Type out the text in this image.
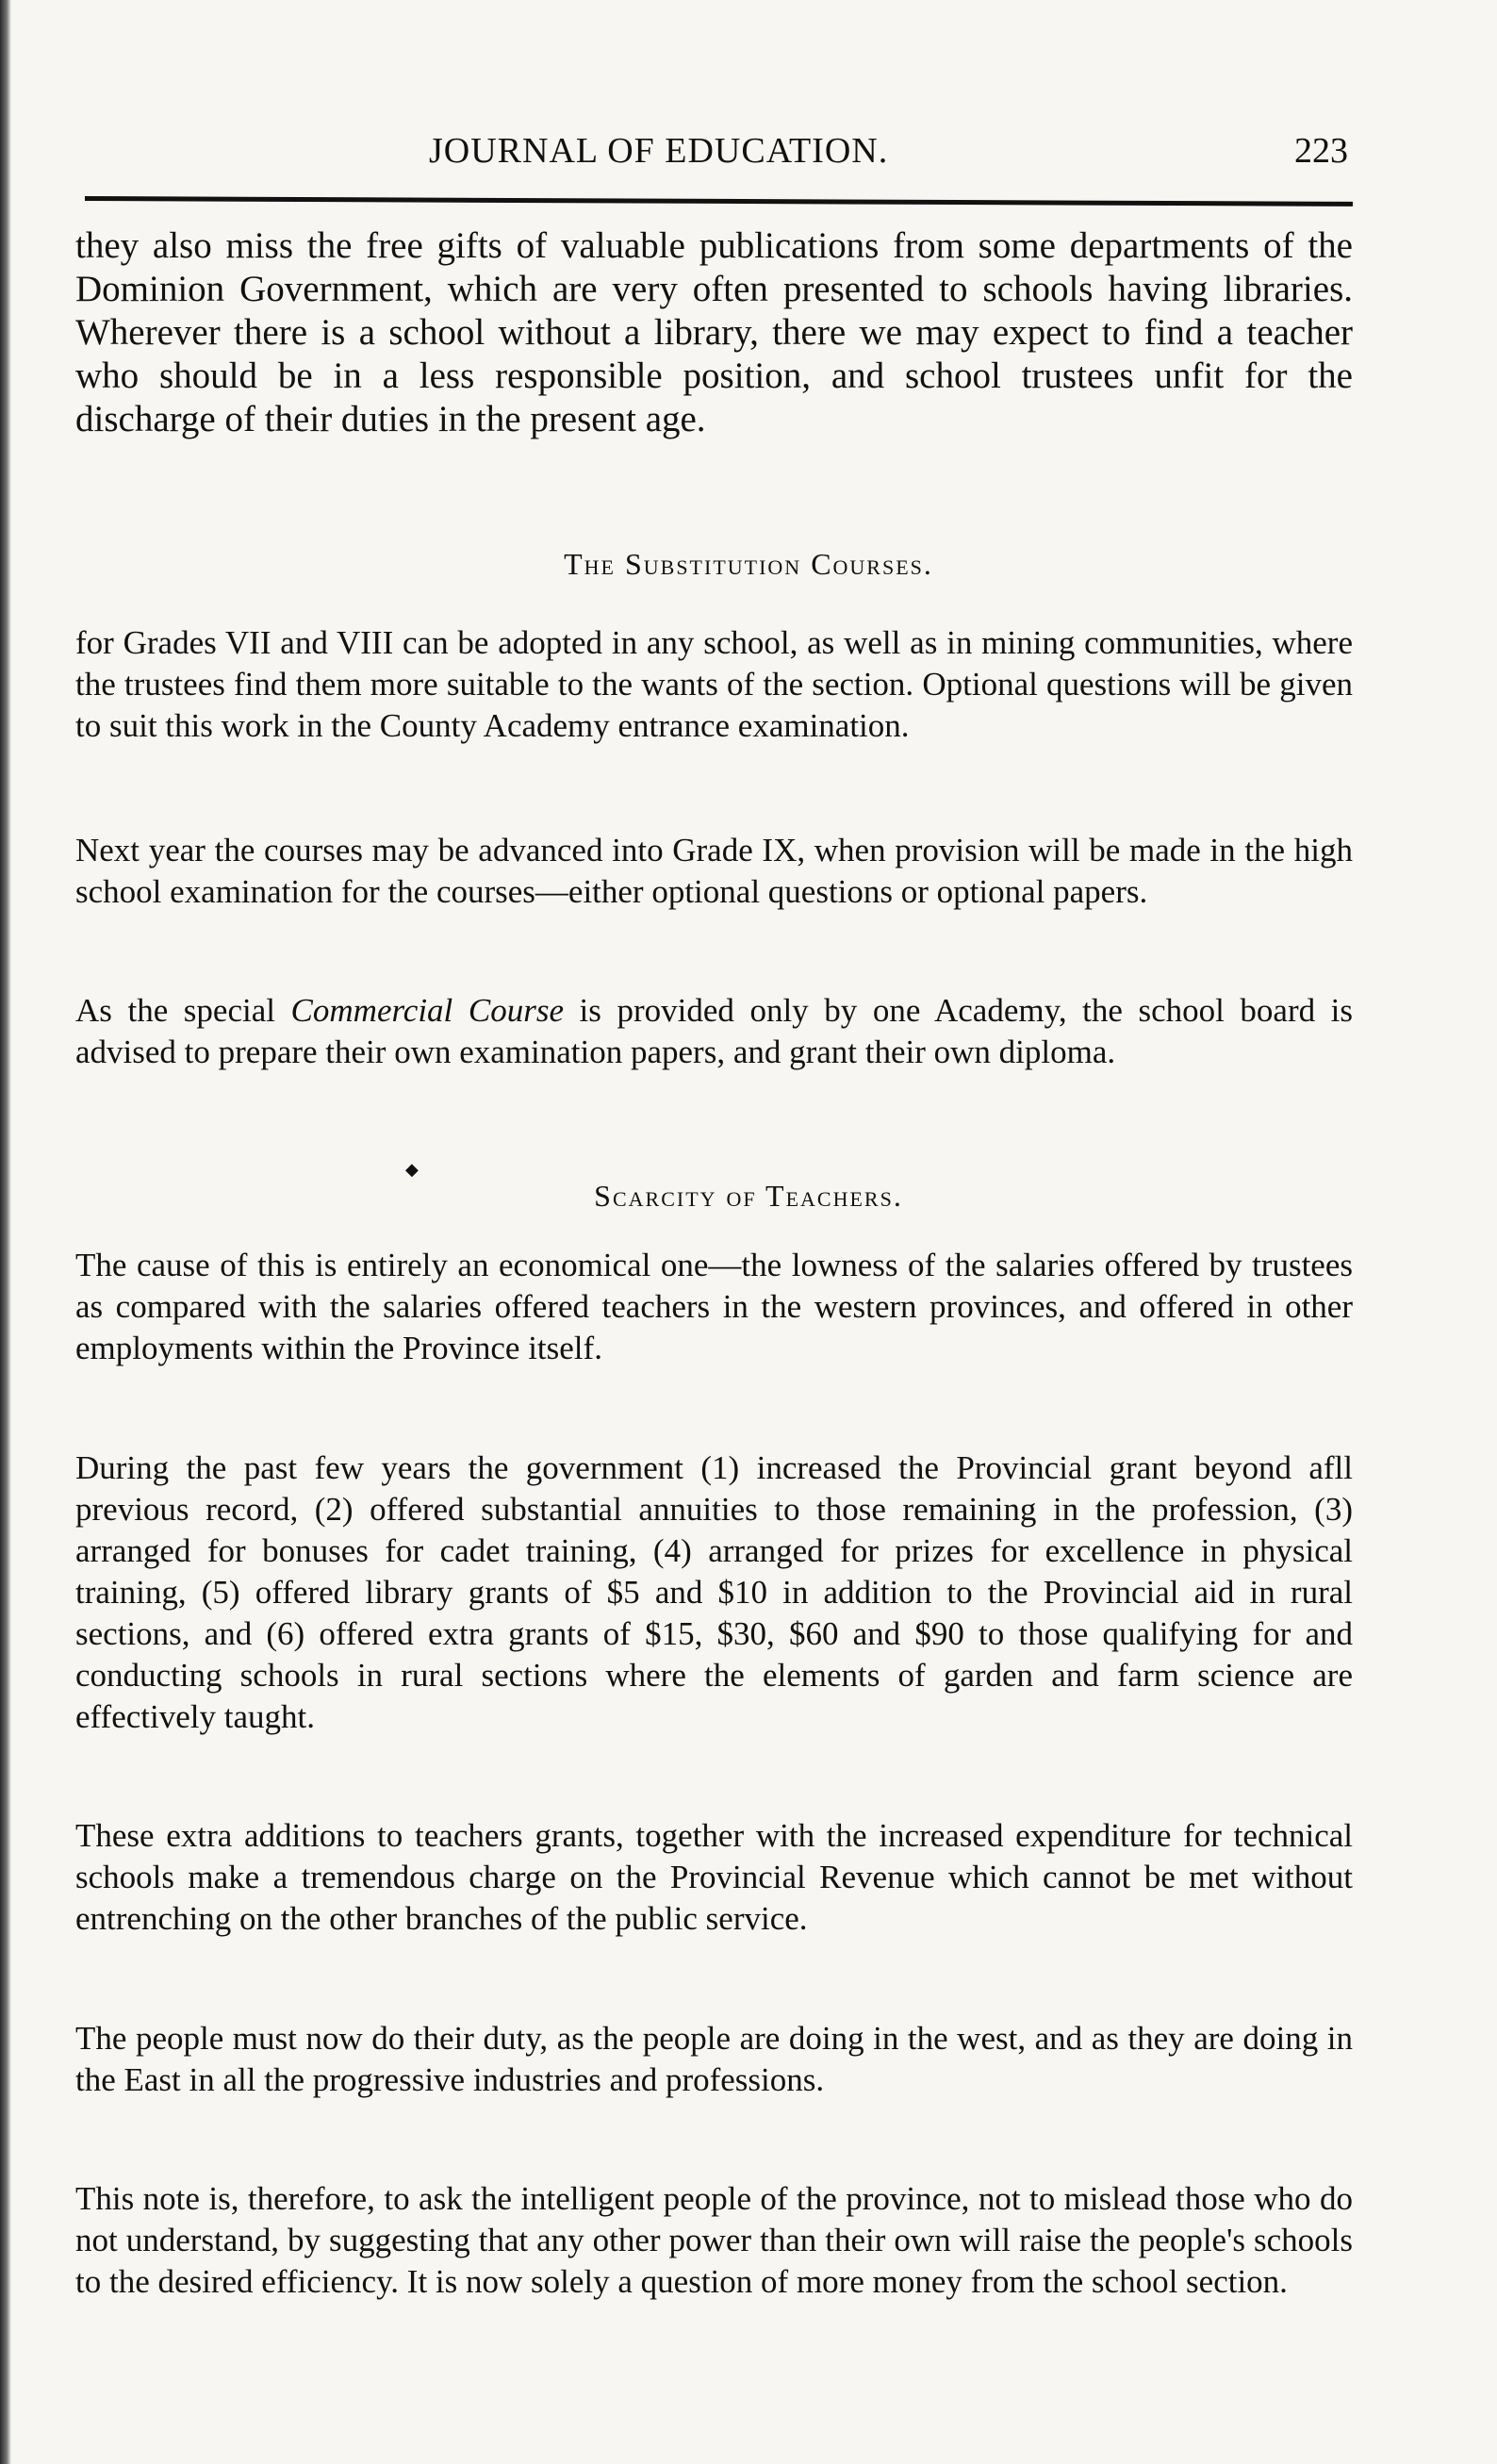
JOURNAL OF EDUCATION.	223

they also miss the free gifts of valuable publications from some departments of the Dominion Government, which are very often presented to schools having libraries. Wherever there is a school without a library, there we may expect to find a teacher who should be in a less responsible position, and school trustees unfit for the discharge of their duties in the present age.

The Substitution Courses.

for Grades VII and VIII can be adopted in any school, as well as in mining communities, where the trustees find them more suitable to the wants of the section. Optional questions will be given to suit this work in the County Academy entrance examination.

Next year the courses may be advanced into Grade IX, when provision will be made in the high school examination for the courses—either optional questions or optional papers.

As the special Commercial Course is provided only by one Academy, the school board is advised to prepare their own examination papers, and grant their own diploma.

◆
Scarcity of Teachers.

The cause of this is entirely an economical one—the lowness of the salaries offered by trustees as compared with the salaries offered teachers in the western provinces, and offered in other employments within the Province itself.

During the past few years the government (1) increased the Provincial grant beyond afll previous record, (2) offered substantial annuities to those remaining in the profession, (3) arranged for bonuses for cadet training, (4) arranged for prizes for excellence in physical training, (5) offered library grants of $5 and $10 in addition to the Provincial aid in rural sections, and (6) offered extra grants of $15, $30, $60 and $90 to those qualifying for and conducting schools in rural sections where the elements of garden and farm science are effectively taught.

These extra additions to teachers grants, together with the increased expenditure for technical schools make a tremendous charge on the Provincial Revenue which cannot be met without entrenching on the other branches of the public service.

The people must now do their duty, as the people are doing in the west, and as they are doing in the East in all the progressive industries and professions.

This note is, therefore, to ask the intelligent people of the province, not to mislead those who do not understand, by suggesting that any other power than their own will raise the people's schools to the desired efficiency. It is now solely a question of more money from the school section.
